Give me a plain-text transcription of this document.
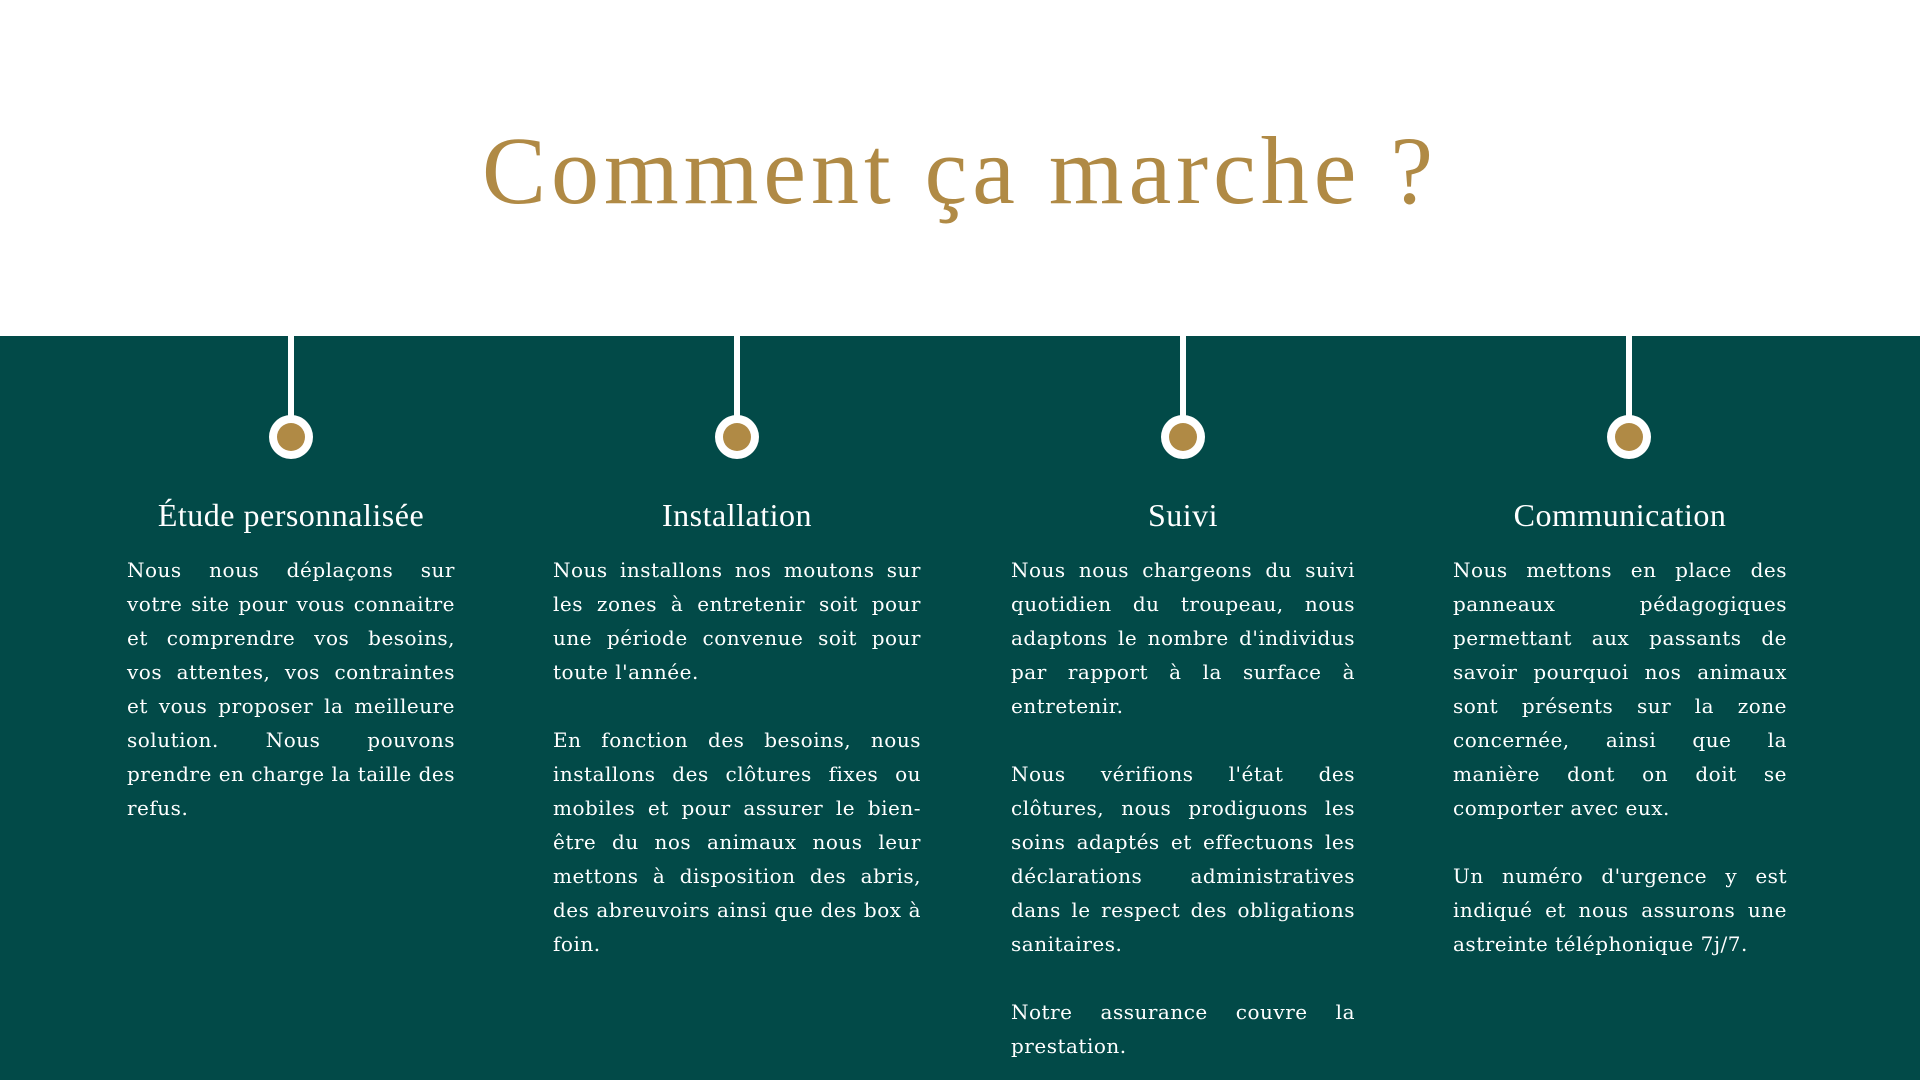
Comment ça marche ?
Étude personnalisée

Nous nous déplaçons sur votre site pour vous connaitre et comprendre vos besoins, vos attentes, vos contraintes et vous proposer la meilleure solution. Nous pouvons prendre en charge la taille des refus.

Installation

Nous installons nos moutons sur les zones à entretenir soit pour une période convenue soit pour toute l'année.

En fonction des besoins, nous installons des clôtures fixes ou mobiles et pour assurer le bien-être du nos animaux nous leur mettons à disposition des abris, des abreuvoirs ainsi que des box à foin.

Suivi

Nous nous chargeons du suivi quotidien du troupeau, nous adaptons le nombre d'individus par rapport à la surface à entretenir.

Nous vérifions l'état des clôtures, nous prodiguons les soins adaptés et effectuons les déclarations administratives dans le respect des obligations sanitaires.

Notre assurance couvre la prestation.

Communication

Nous mettons en place des panneaux pédagogiques permettant aux passants de savoir pourquoi nos animaux sont présents sur la zone concernée, ainsi que la manière dont on doit se comporter avec eux.

Un numéro d'urgence y est indiqué et nous assurons une astreinte téléphonique 7j/7.
